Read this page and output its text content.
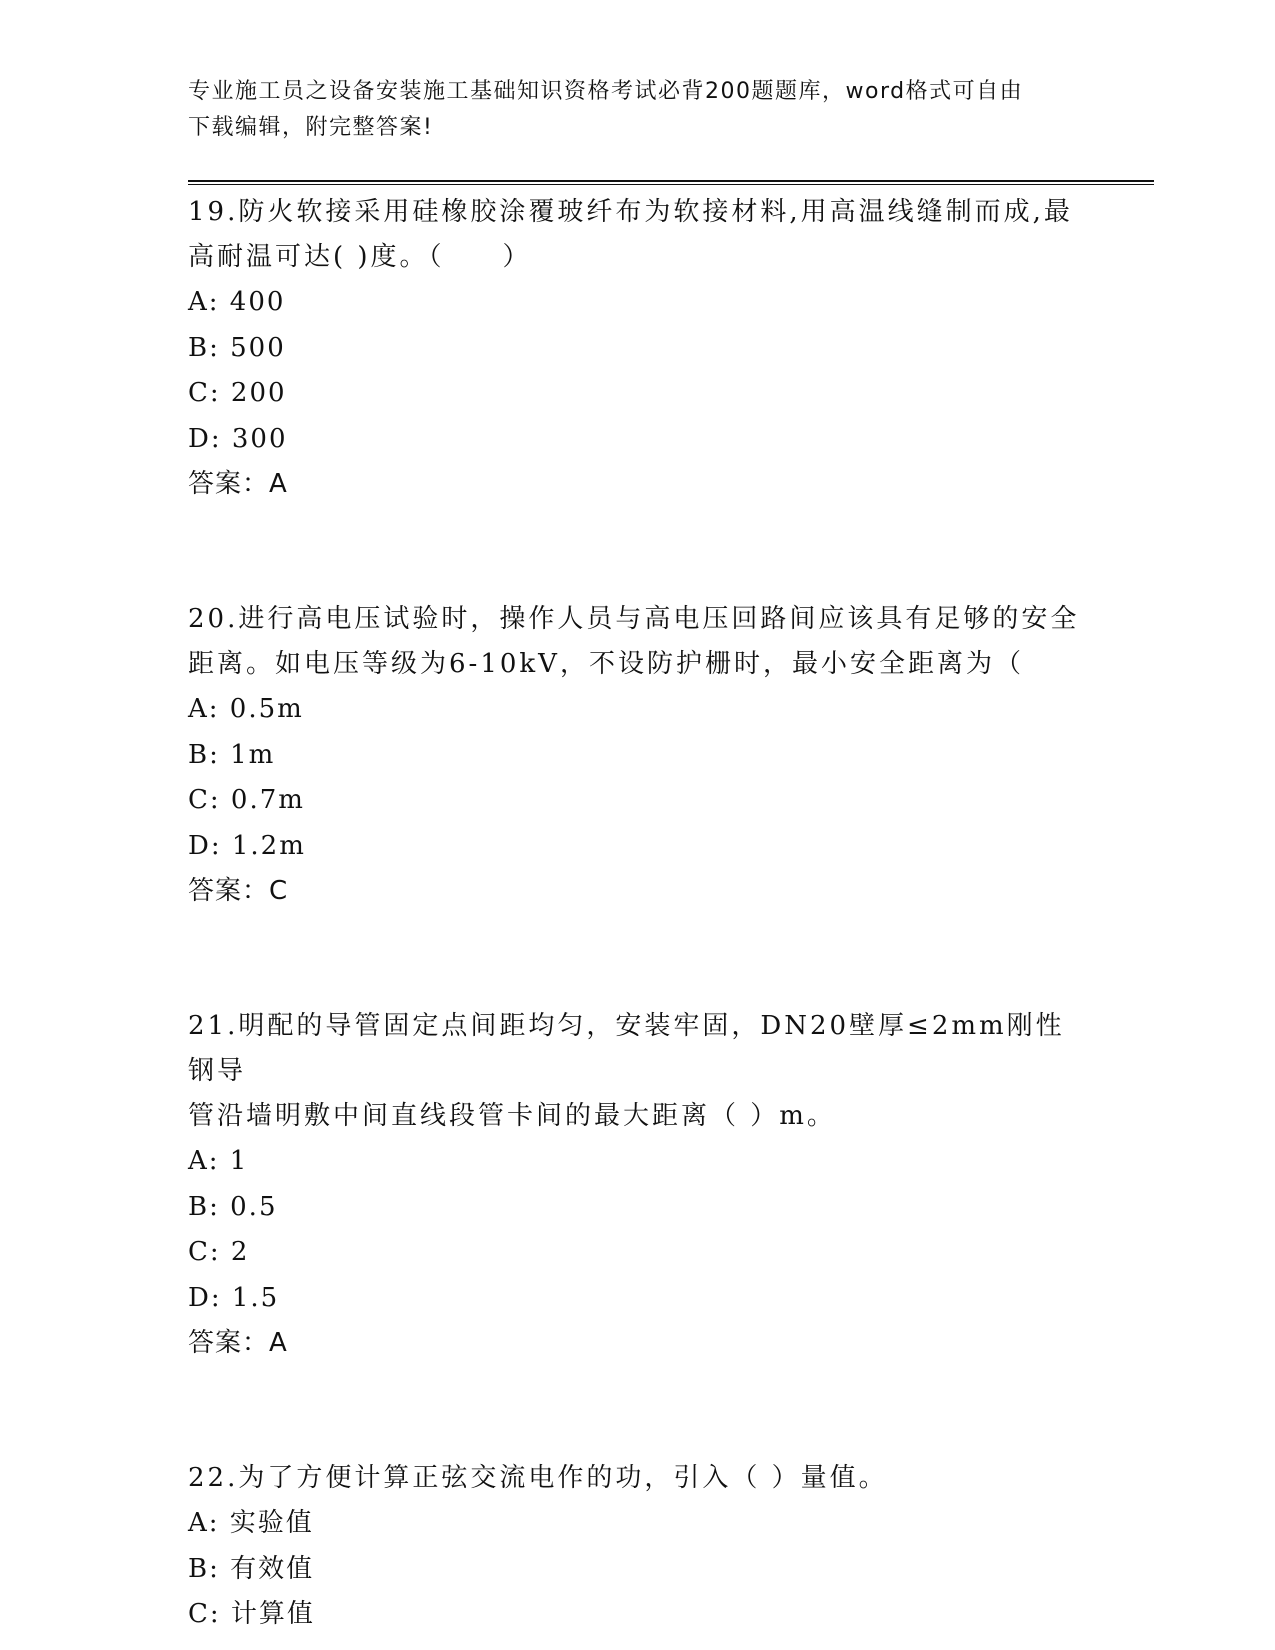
专业施工员之设备安装施工基础知识资格考试必背200题题库，word格式可自由
下载编辑，附完整答案!

19.防火软接采用硅橡胶涂覆玻纤布为软接材料,用高温线缝制而成,最

高耐温可达( )度。（　　）

A: 400

B: 500

C: 200

D: 300

答案：A

20.进行高电压试验时，操作人员与高电压回路间应该具有足够的安全

距离。如电压等级为6-10kV，不设防护栅时，最小安全距离为（

A: 0.5m

B: 1m

C: 0.7m

D: 1.2m

答案：C

21.明配的导管固定点间距均匀，安装牢固，DN20壁厚≤2mm刚性钢导

管沿墙明敷中间直线段管卡间的最大距离（ ）m。

A: 1

B: 0.5

C: 2

D: 1.5

答案：A

22.为了方便计算正弦交流电作的功，引入（ ）量值。

A: 实验值

B: 有效值

C: 计算值
